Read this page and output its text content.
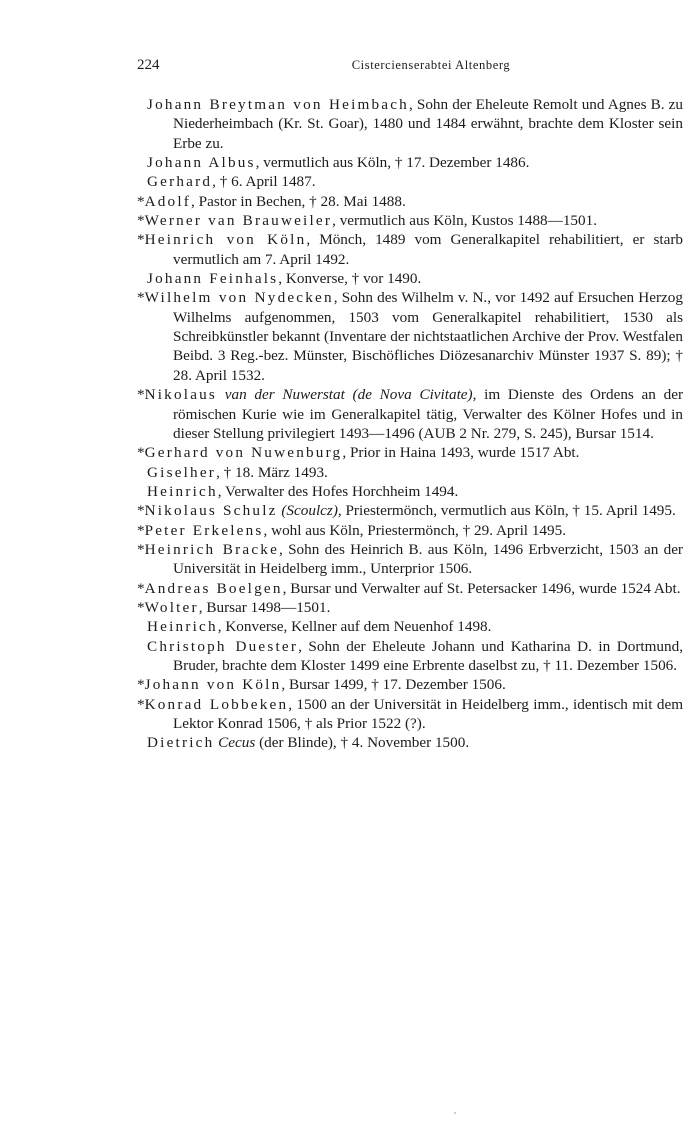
224	Cistercienserabtei Altenberg
Johann Breytman von Heimbach, Sohn der Eheleute Remolt und Agnes B. zu Niederheimbach (Kr. St. Goar), 1480 und 1484 erwähnt, brachte dem Kloster sein Erbe zu.
Johann Albus, vermutlich aus Köln, † 17. Dezember 1486.
Gerhard, † 6. April 1487.
*Adolf, Pastor in Bechen, † 28. Mai 1488.
*Werner van Brauweiler, vermutlich aus Köln, Kustos 1488—1501.
*Heinrich von Köln, Mönch, 1489 vom Generalkapitel rehabilitiert, er starb vermutlich am 7. April 1492.
Johann Feinhals, Konverse, † vor 1490.
*Wilhelm von Nydecken, Sohn des Wilhelm v. N., vor 1492 auf Ersuchen Herzog Wilhelms aufgenommen, 1503 vom Generalkapitel rehabilitiert, 1530 als Schreibkünstler bekannt (Inventare der nichtstaatlichen Archive der Prov. Westfalen Beibd. 3 Reg.-bez. Münster, Bischöfliches Diözesanarchiv Münster 1937 S. 89); † 28. April 1532.
*Nikolaus van der Nuwerstat (de Nova Civitate), im Dienste des Ordens an der römischen Kurie wie im Generalkapitel tätig, Verwalter des Kölner Hofes und in dieser Stellung privilegiert 1493—1496 (AUB 2 Nr. 279, S. 245), Bursar 1514.
*Gerhard von Nuwenburg, Prior in Haina 1493, wurde 1517 Abt.
Giselher, † 18. März 1493.
Heinrich, Verwalter des Hofes Horchheim 1494.
*Nikolaus Schulz (Scoulcz), Priestermönch, vermutlich aus Köln, † 15. April 1495.
*Peter Erkelens, wohl aus Köln, Priestermönch, † 29. April 1495.
*Heinrich Bracke, Sohn des Heinrich B. aus Köln, 1496 Erbverzicht, 1503 an der Universität in Heidelberg imm., Unterprior 1506.
*Andreas Boelgen, Bursar und Verwalter auf St. Petersacker 1496, wurde 1524 Abt.
*Wolter, Bursar 1498—1501.
Heinrich, Konverse, Kellner auf dem Neuenhof 1498.
Christoph Duester, Sohn der Eheleute Johann und Katharina D. in Dortmund, Bruder, brachte dem Kloster 1499 eine Erbrente daselbst zu, † 11. Dezember 1506.
*Johann von Köln, Bursar 1499, † 17. Dezember 1506.
*Konrad Lobbeken, 1500 an der Universität in Heidelberg imm., identisch mit dem Lektor Konrad 1506, † als Prior 1522 (?).
Dietrich Cecus (der Blinde), † 4. November 1500.
